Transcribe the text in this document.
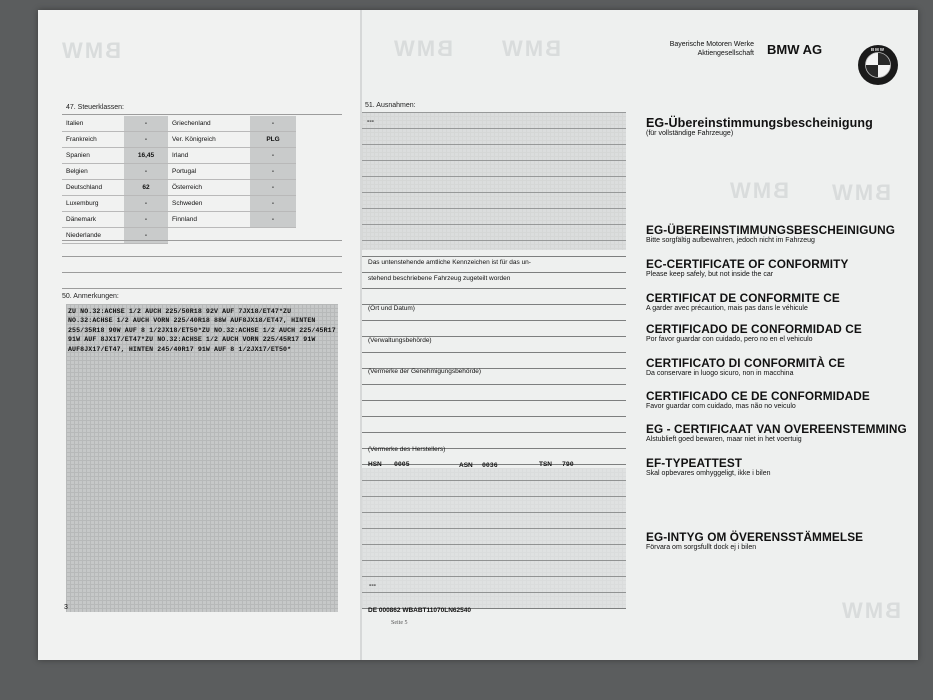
BMW	BMW BMW
BMW BMW
BMW
Bayerische Motoren Werke
Aktiengesellschaft BMW AG	BMW
47. Steuerklassen:
Italien	-	Griechenland	-
Frankreich	-	Ver. Königreich	PLG
Spanien	16,45	Irland	-
Belgien	-	Portugal	-
Deutschland	62	Österreich	-
Luxemburg	-	Schweden	-
Dänemark	-	Finnland	-
Niederlande	-		
50. Anmerkungen:
ZU NO.32:ACHSE 1/2 AUCH 225/50R18 92V AUF 7JX18/ET47*ZU NO.32:ACHSE 1/2 AUCH VORN 225/40R18 88W AUF8JX18/ET47, HINTEN 255/35R18 90W AUF 8 1/2JX18/ET50*ZU NO.32:ACHSE 1/2 AUCH 225/45R17 91W AUF 8JX17/ET47*ZU NO.32:ACHSE 1/2 AUCH VORN 225/45R17 91W AUF8JX17/ET47, HINTEN 245/40R17 91W AUF 8 1/2JX17/ET50*
3
51. Ausnahmen:
---
Das untenstehende amtliche Kennzeichen ist für das un-
stehend beschriebene Fahrzeug zugeteilt worden
(Ort und Datum)
(Verwaltungsbehörde)
(Vermerke der Genehmigungsbehörde)
(Vermerke des Herstellers)
HSN 0005	ASN 0036	TSN 790
---
DE 000862 WBABT11070LN62540
Seite 5
EG-Übereinstimmungsbescheinigung
(für vollständige Fahrzeuge)
EG-ÜBEREINSTIMMUNGSBESCHEINIGUNG
Bitte sorgfältig aufbewahren, jedoch nicht im Fahrzeug
EC-CERTIFICATE OF CONFORMITY
Please keep safely, but not inside the car
CERTIFICAT DE CONFORMITE CE
A garder avec précaution, mais pas dans le véhicule
CERTIFICADO DE CONFORMIDAD CE
Por favor guardar con cuidado, pero no en el vehiculo
CERTIFICATO DI CONFORMITÀ CE
Da conservare in luogo sicuro, non in macchina
CERTIFICADO CE DE CONFORMIDADE
Favor guardar com cuidado, mas não no veiculo
EG - CERTIFICAAT VAN OVEREENSTEMMING
Alstublieft goed bewaren, maar niet in het voertuig
EF-TYPEATTEST
Skal opbevares omhyggeligt, ikke i bilen
EG-INTYG OM ÖVERENSSTÄMMELSE
Förvara om sorgsfullt dock ej i bilen
